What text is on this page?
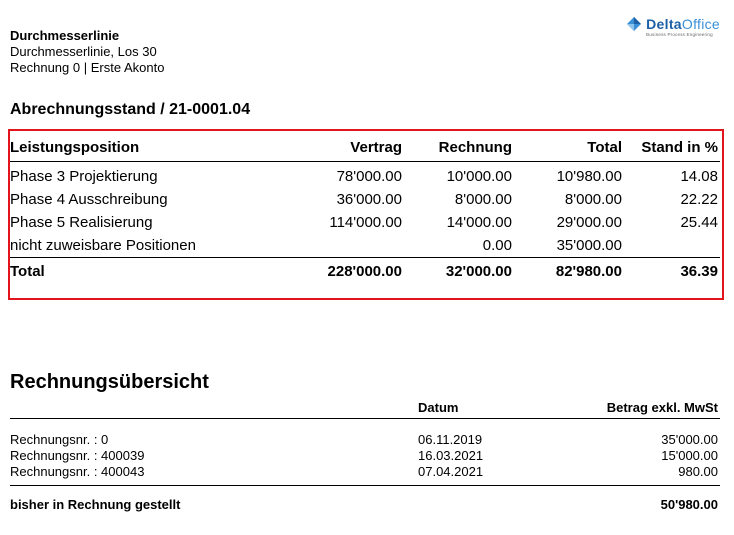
Durchmesserlinie
Durchmesserlinie, Los 30
Rechnung 0 | Erste Akonto
DeltaOffice
Business Process Engineering
Abrechnungsstand / 21-0001.04
Leistungsposition	Vertrag	Rechnung	Total	Stand in %
Phase 3 Projektierung	78'000.00	10'000.00	10'980.00	14.08
Phase 4 Ausschreibung	36'000.00	8'000.00	8'000.00	22.22
Phase 5 Realisierung	114'000.00	14'000.00	29'000.00	25.44
nicht zuweisbare Positionen		0.00	35'000.00	
Total	228'000.00	32'000.00	82'980.00	36.39
Rechnungsübersicht
	Datum	Betrag exkl. MwSt
Rechnungsnr. : 0	06.11.2019	35'000.00
Rechnungsnr. : 400039	16.03.2021	15'000.00
Rechnungsnr. : 400043	07.04.2021	980.00
bisher in Rechnung gestellt		50'980.00
